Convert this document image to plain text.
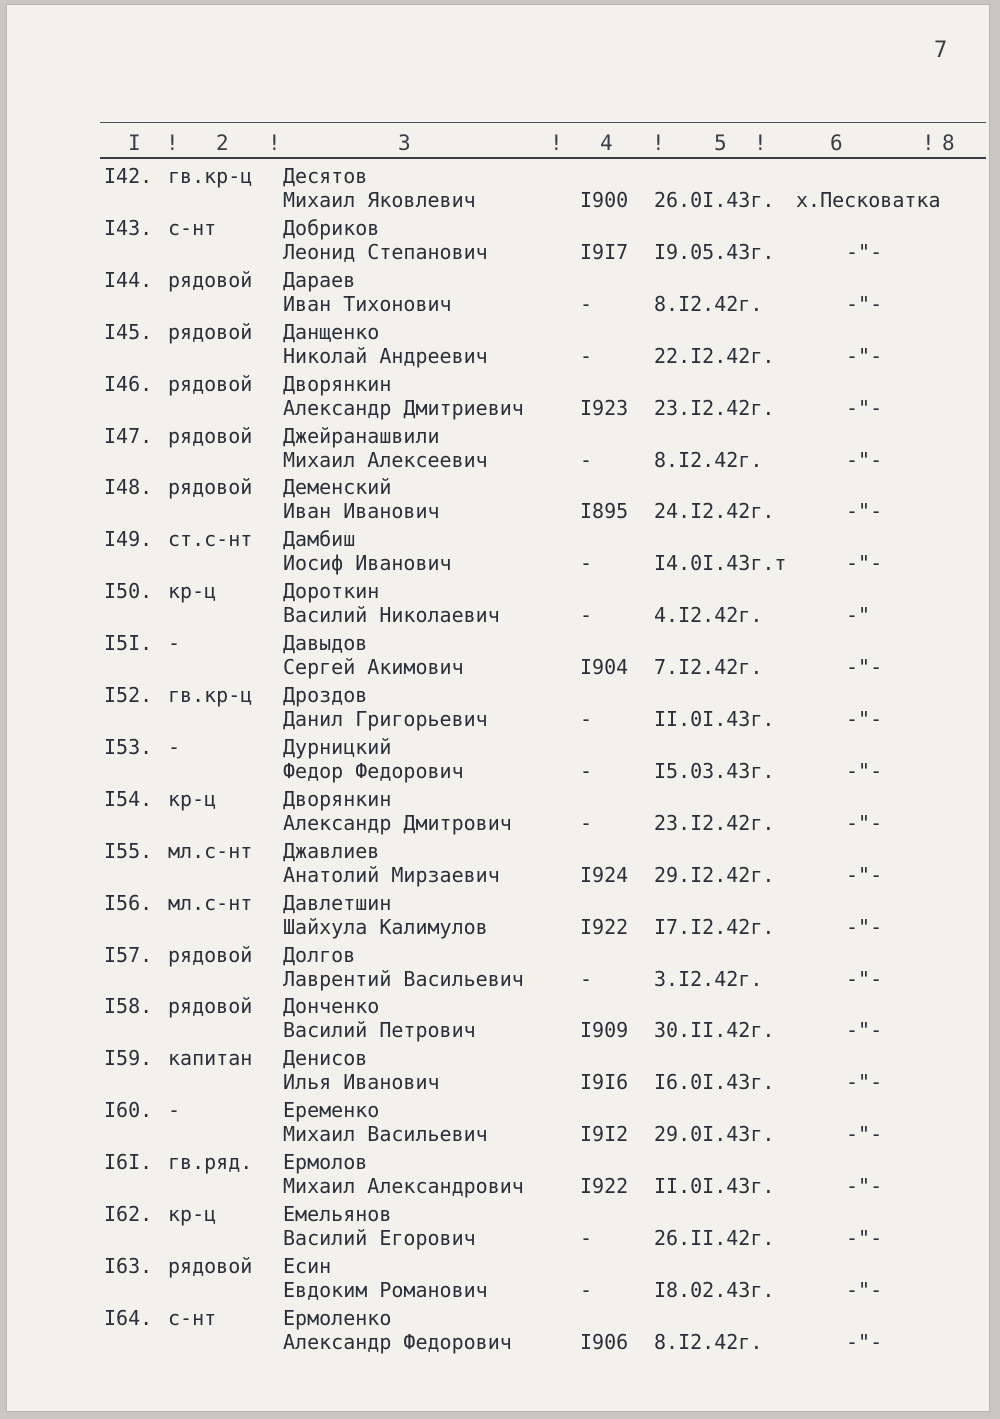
7
I ! 2 !	3	! 4 ! 5 !	6	! 8
I42. гв.кр-ц Десятов
Михаил Яковлевич	I900 26.0I.43г. х.Песковатка
I43. с-нт	Добриков
Леонид Степанович	I9I7 I9.05.43г.	-"-
I44. рядовой Дараев
Иван Тихонович	-	8.I2.42г.	-"-
I45. рядовой Данщенко
Николай Андреевич	-	22.I2.42г.	-"-
I46. рядовой Дворянкин
Александр Дмитриевич	I923 23.I2.42г.	-"-
I47. рядовой Джейранашвили
Михаил Алексеевич	-	8.I2.42г.	-"-
I48. рядовой Деменский
Иван Иванович	I895 24.I2.42г.	-"-
I49. ст.с-нт Дамбиш
Иосиф Иванович	-	I4.0I.43г.т	-"-
I50. кр-ц	Дороткин
Василий Николаевич	-	4.I2.42г.	-"
I5I. -	Давыдов
Сергей Акимович	I904 7.I2.42г.	-"-
I52. гв.кр-ц Дроздов
Данил Григорьевич	-	II.0I.43г.	-"-
I53. -	Дурницкий
Федор Федорович	-	I5.03.43г.	-"-
I54. кр-ц	Дворянкин
Александр Дмитрович	-	23.I2.42г.	-"-
I55. мл.с-нт Джавлиев
Анатолий Мирзаевич	I924 29.I2.42г.	-"-
I56. мл.с-нт Давлетшин
Шайхула Калимулов	I922 I7.I2.42г.	-"-
I57. рядовой Долгов
Лаврентий Васильевич	-	3.I2.42г.	-"-
I58. рядовой Донченко
Василий Петрович	I909 30.II.42г.	-"-
I59. капитан Денисов
Илья Иванович	I9I6 I6.0I.43г.	-"-
I60. -	Еременко
Михаил Васильевич	I9I2 29.0I.43г.	-"-
I6I. гв.ряд. Ермолов
Михаил Александрович	I922 II.0I.43г.	-"-
I62. кр-ц	Емельянов
Василий Егорович	-	26.II.42г.	-"-
I63. рядовой Есин
Евдоким Романович	-	I8.02.43г.	-"-
I64. с-нт	Ермоленко
Александр Федорович	I906 8.I2.42г.	-"-
